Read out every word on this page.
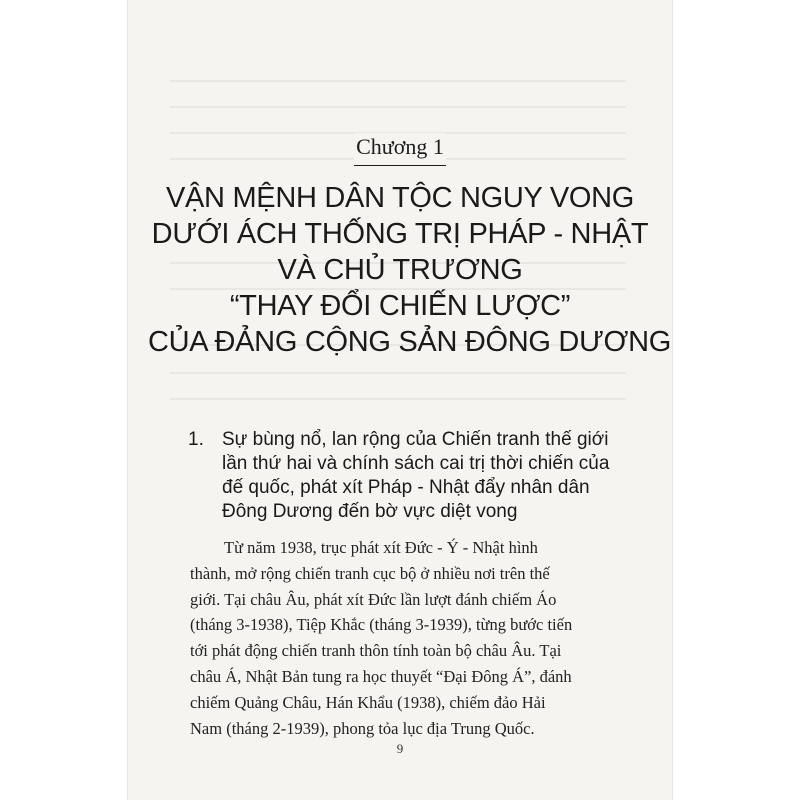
Chương 1
VẬN MỆNH DÂN TỘC NGUY VONG
DƯỚI ÁCH THỐNG TRỊ PHÁP - NHẬT
VÀ CHỦ TRƯƠNG
“THAY ĐỔI CHIẾN LƯỢC”
CỦA ĐẢNG CỘNG SẢN ĐÔNG DƯƠNG
1. Sự bùng nổ, lan rộng của Chiến tranh thế giới
lần thứ hai và chính sách cai trị thời chiến của
đế quốc, phát xít Pháp - Nhật đẩy nhân dân
Đông Dương đến bờ vực diệt vong
Từ năm 1938, trục phát xít Đức - Ý - Nhật hình
thành, mở rộng chiến tranh cục bộ ở nhiều nơi trên thế
giới. Tại châu Âu, phát xít Đức lần lượt đánh chiếm Áo
(tháng 3-1938), Tiệp Khắc (tháng 3-1939), từng bước tiến
tới phát động chiến tranh thôn tính toàn bộ châu Âu. Tại
châu Á, Nhật Bản tung ra học thuyết “Đại Đông Á”, đánh
chiếm Quảng Châu, Hán Khẩu (1938), chiếm đảo Hải
Nam (tháng 2-1939), phong tỏa lục địa Trung Quốc.
9
